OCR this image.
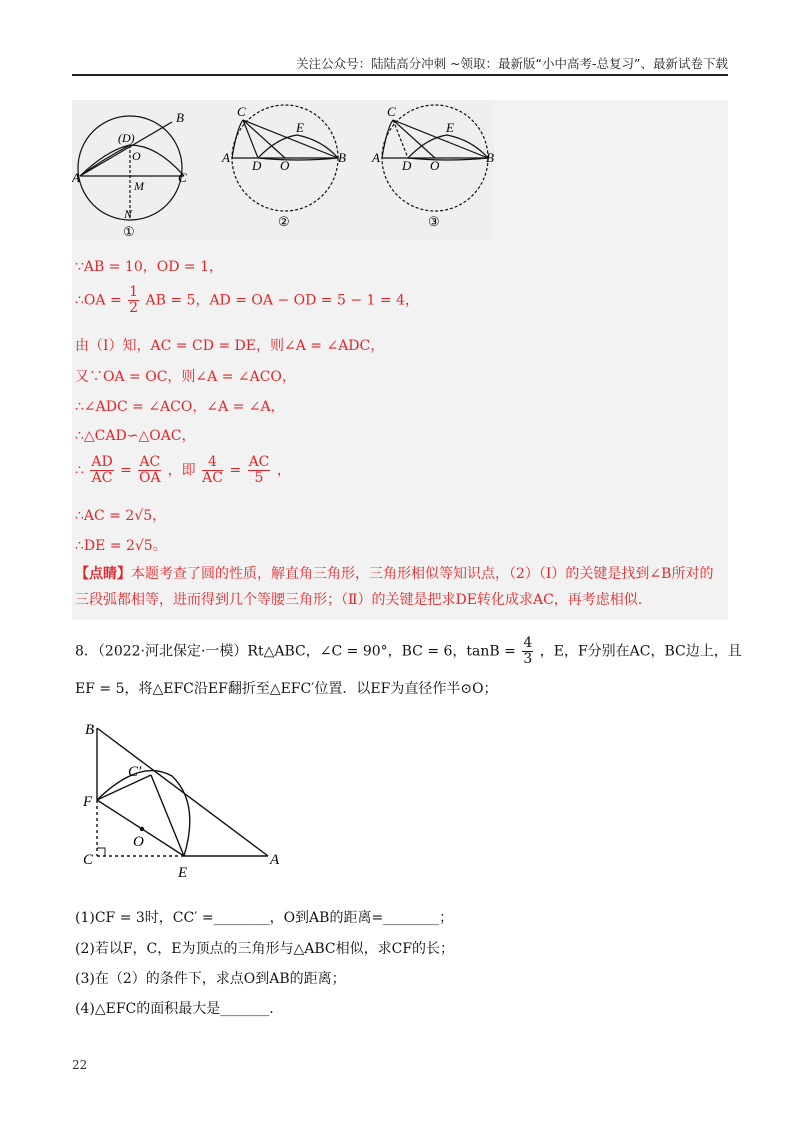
关注公众号：陆陆高分冲刺 ~领取：最新版“小中高考-总复习”、最新试卷下载
B
(D)
O
A	C
M
N
①
C
E
A
D O
B
②
C
E
A
D O
B
③
∵AB = 10，OD = 1，
∴OA = $\frac{1}{2}$ AB = 5，AD = OA − OD = 5 − 1 = 4，
由（Ⅰ）知，AC = CD = DE，则∠A = ∠ADC，
又∵OA = OC，则∠A = ∠ACO，
∴∠ADC = ∠ACO，∠A = ∠A，
∴△CAD∽△OAC，
∴ $\frac{AD}{AC} = \frac{AC}{OA}$ ，即 $\frac{4}{AC} = \frac{AC}{5}$ ，
∴AC = 2√5，
∴DE = 2√5。
【点睛】本题考查了圆的性质，解直角三角形，三角形相似等知识点，（2）（Ⅰ）的关键是找到∠B所对的三段弧都相等，进而得到几个等腰三角形；（Ⅱ）的关键是把求DE转化成求AC，再考虑相似.
8．（2022·河北保定·一模）Rt△ABC，∠C = 90°，BC = 6，$\tan B = \frac{4}{3}$ ，E，F分别在AC，BC边上，且
EF = 5，将△EFC沿EF翻折至△EFC′位置．以EF为直径作半⊙O；
B
C′
F
O
C
E
A
(1)CF = 3时，CC′ =________，O到AB的距离=________；
(2)若以F，C，E为顶点的三角形与△ABC相似，求CF的长；
(3)在（2）的条件下，求点O到AB的距离；
(4)△EFC的面积最大是_______.
22
